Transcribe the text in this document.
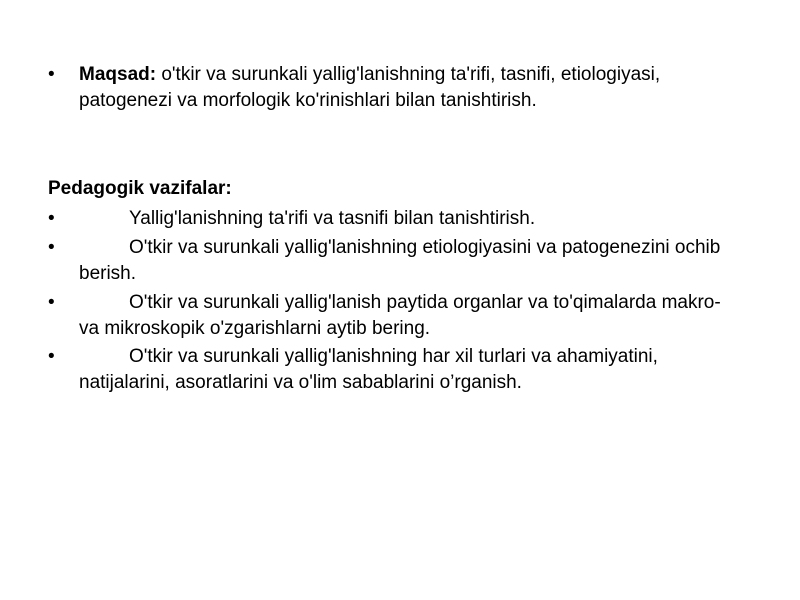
•	Maqsad: o'tkir va surunkali yallig'lanishning ta'rifi, tasnifi, etiologiyasi, patogenezi va morfologik ko'rinishlari bilan tanishtirish.
Pedagogik vazifalar:
•	Yallig'lanishning ta'rifi va tasnifi bilan tanishtirish.
•	O'tkir va surunkali yallig'lanishning etiologiyasini va patogenezini ochib berish.
•	O'tkir va surunkali yallig'lanish paytida organlar va to'qimalarda makro- va mikroskopik o'zgarishlarni aytib bering.
•	O'tkir va surunkali yallig'lanishning har xil turlari va ahamiyatini, natijalarini, asoratlarini va o'lim sabablarini o’rganish.
